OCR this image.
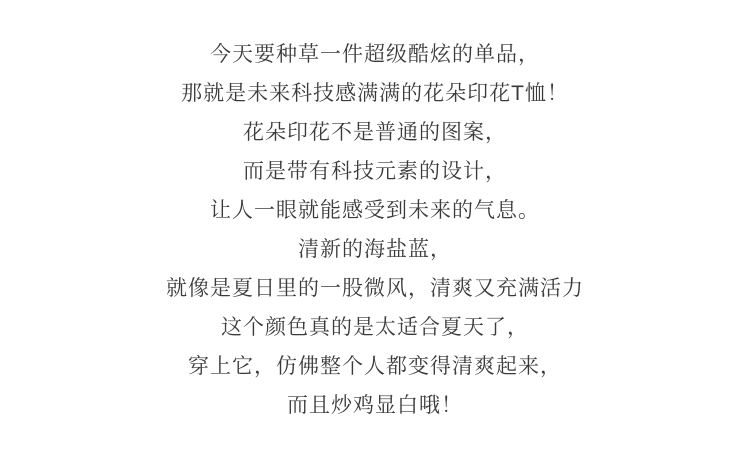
今天要种草一件超级酷炫的单品，
那就是未来科技感满满的花朵印花T恤！
花朵印花不是普通的图案，
而是带有科技元素的设计，
让人一眼就能感受到未来的气息。
清新的海盐蓝，
就像是夏日里的一股微风，清爽又充满活力
这个颜色真的是太适合夏天了，
穿上它，仿佛整个人都变得清爽起来，
而且炒鸡显白哦！
